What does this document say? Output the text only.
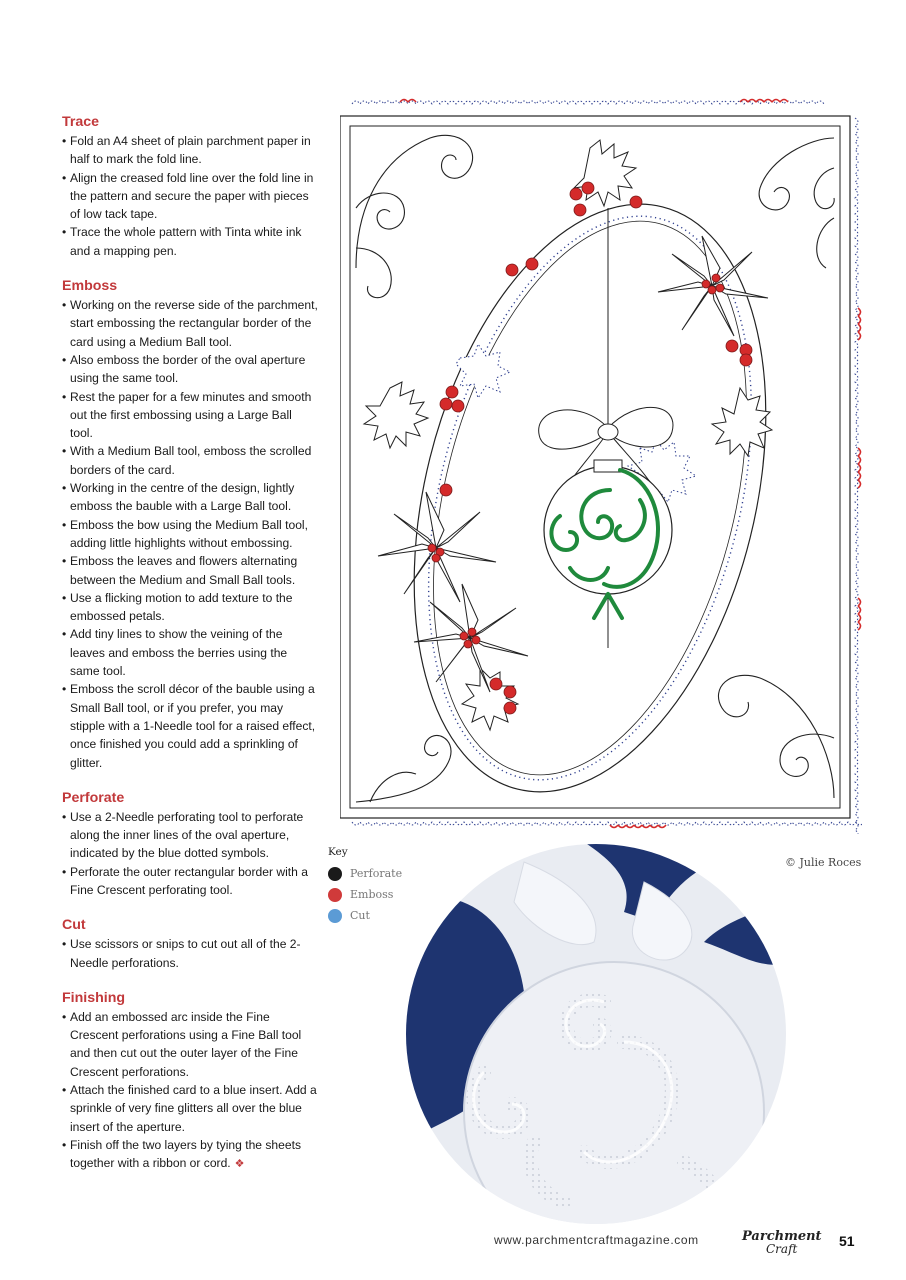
Trace
• Fold an A4 sheet of plain parchment paper in half to mark the fold line.
• Align the creased fold line over the fold line in the pattern and secure the paper with pieces of low tack tape.
• Trace the whole pattern with Tinta white ink and a mapping pen.
Emboss
• Working on the reverse side of the parchment, start embossing the rectangular border of the card using a Medium Ball tool.
• Also emboss the border of the oval aperture using the same tool.
• Rest the paper for a few minutes and smooth out the first embossing using a Large Ball tool.
• With a Medium Ball tool, emboss the scrolled borders of the card.
• Working in the centre of the design, lightly emboss the bauble with a Large Ball tool.
• Emboss the bow using the Medium Ball tool, adding little highlights without embossing.
• Emboss the leaves and flowers alternating between the Medium and Small Ball tools.
• Use a flicking motion to add texture to the embossed petals.
• Add tiny lines to show the veining of the leaves and emboss the berries using the same tool.
• Emboss the scroll décor of the bauble using a Small Ball tool, or if you prefer, you may stipple with a 1-Needle tool for a raised effect, once finished you could add a sprinkling of glitter.
Perforate
• Use a 2-Needle perforating tool to perforate along the inner lines of the oval aperture, indicated by the blue dotted symbols.
• Perforate the outer rectangular border with a Fine Crescent perforating tool.
Cut
• Use scissors or snips to cut out all of the 2-Needle perforations.
Finishing
• Add an embossed arc inside the Fine Crescent perforations using a Fine Ball tool and then cut out the outer layer of the Fine Crescent perforations.
• Attach the finished card to a blue insert. Add a sprinkle of very fine glitters all over the blue insert of the aperture.
• Finish off the two layers by tying the sheets together with a ribbon or cord. ❖
Key
Perforate
Emboss
Cut
© Julie Roces
www.parchmentcraftmagazine.com	Parchment
Craft	51
